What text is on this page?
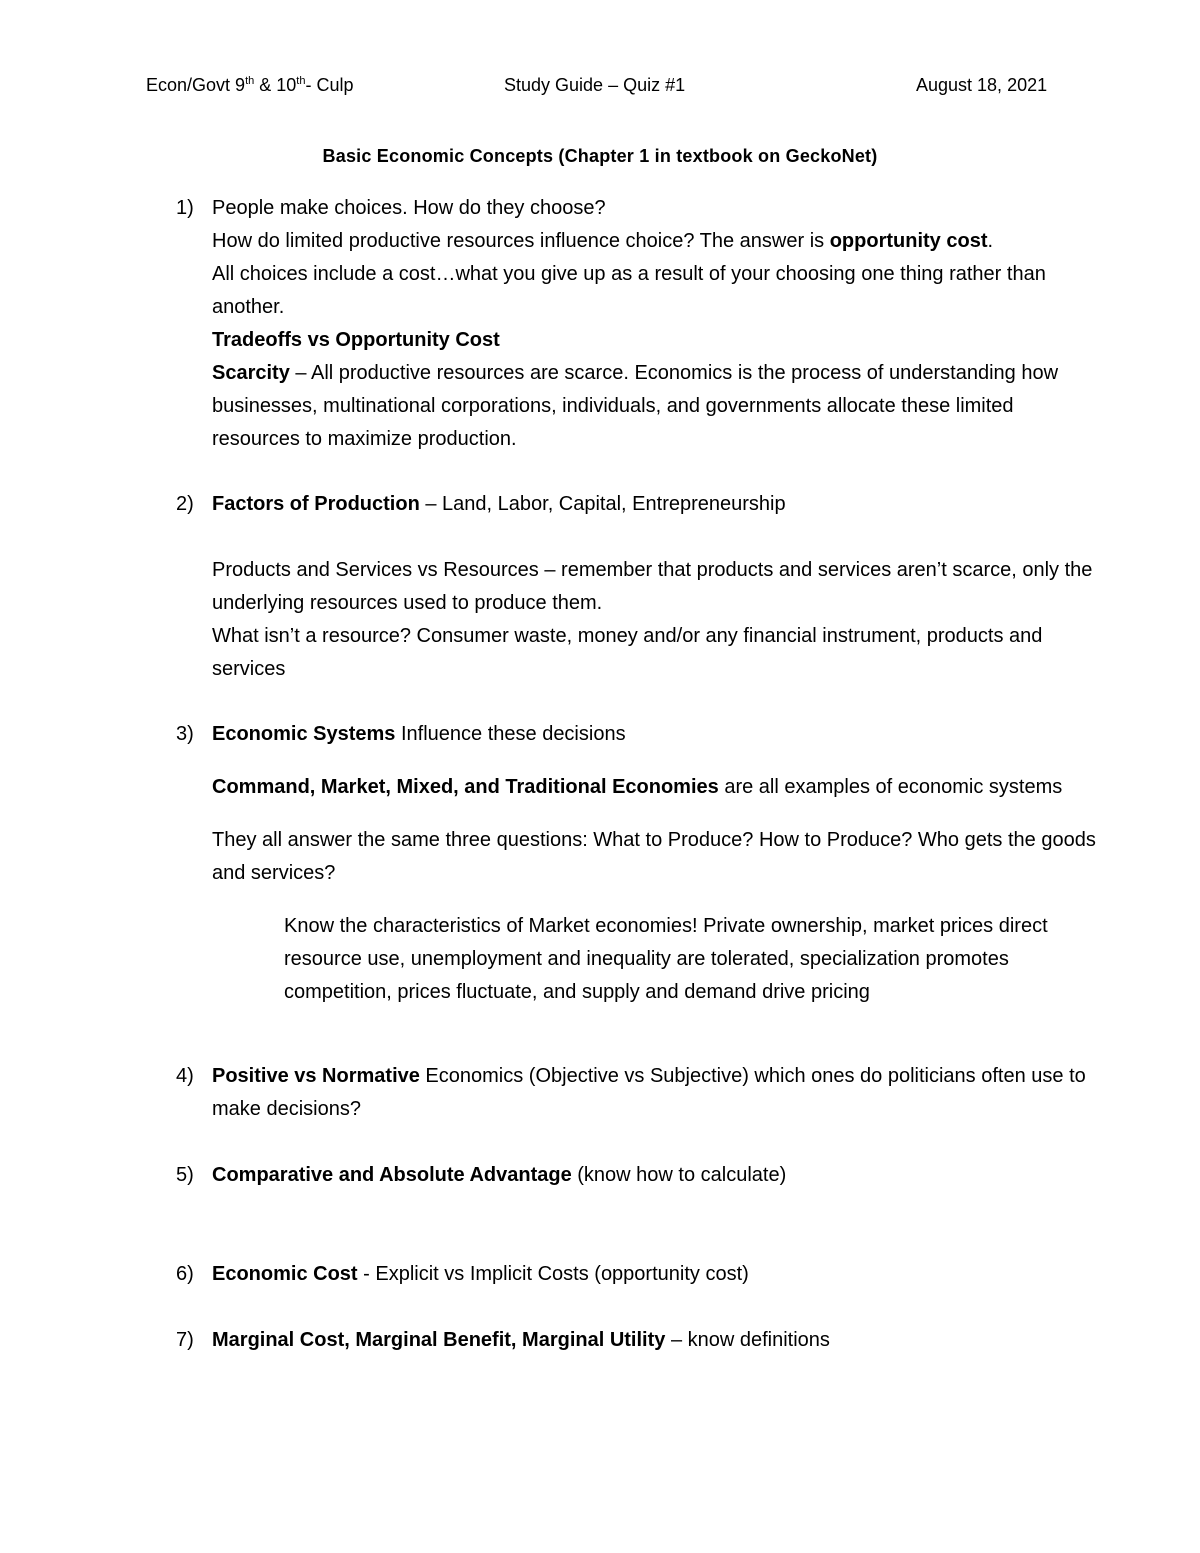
Econ/Govt 9th & 10th- Culp	Study Guide – Quiz #1	August 18, 2021
Basic Economic Concepts (Chapter 1 in textbook on GeckoNet)
1) People make choices. How do they choose?

How do limited productive resources influence choice? The answer is opportunity cost.

All choices include a cost…what you give up as a result of your choosing one thing rather than another.

Tradeoffs vs Opportunity Cost

Scarcity – All productive resources are scarce. Economics is the process of understanding how businesses, multinational corporations, individuals, and governments allocate these limited resources to maximize production.

2) Factors of Production – Land, Labor, Capital, Entrepreneurship

Products and Services vs Resources – remember that products and services aren’t scarce, only the underlying resources used to produce them.

What isn’t a resource? Consumer waste, money and/or any financial instrument, products and services

3) Economic Systems Influence these decisions

Command, Market, Mixed, and Traditional Economies are all examples of economic systems

They all answer the same three questions: What to Produce? How to Produce? Who gets the goods and services?

Know the characteristics of Market economies! Private ownership, market prices direct resource use, unemployment and inequality are tolerated, specialization promotes competition, prices fluctuate, and supply and demand drive pricing

4) Positive vs Normative Economics (Objective vs Subjective) which ones do politicians often use to make decisions?

5) Comparative and Absolute Advantage (know how to calculate)

6) Economic Cost - Explicit vs Implicit Costs (opportunity cost)

7) Marginal Cost, Marginal Benefit, Marginal Utility – know definitions
